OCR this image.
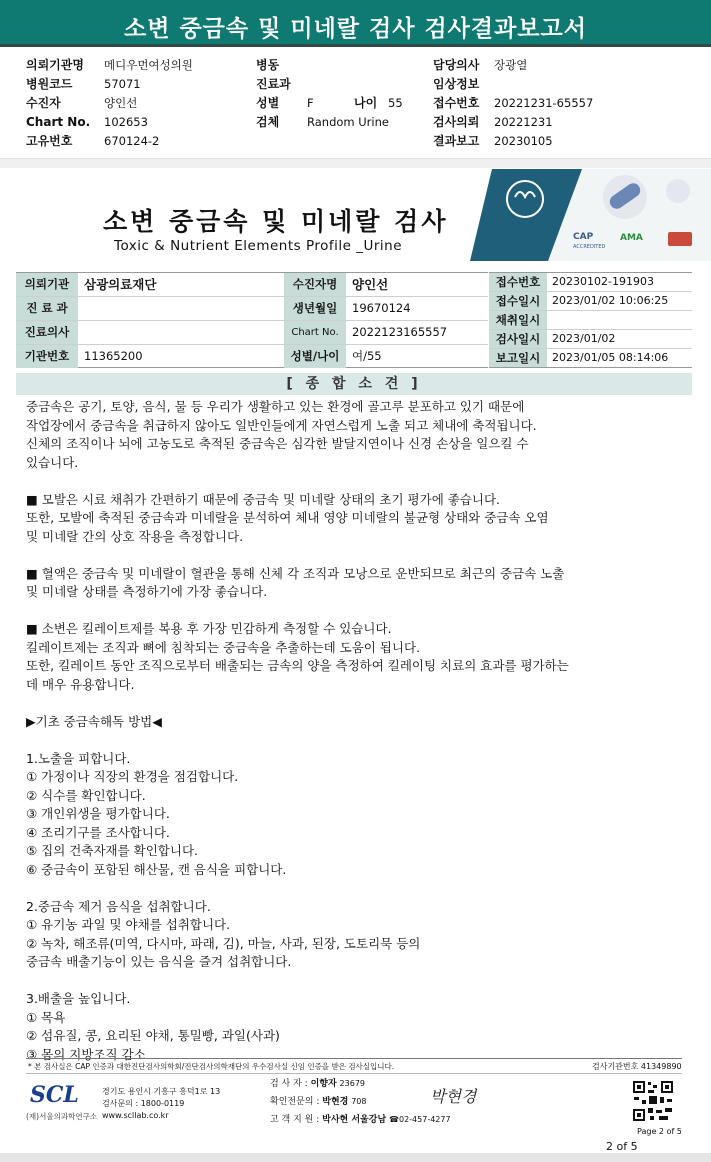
소변 중금속 및 미네랄 검사 검사결과보고서
의뢰기관명 메디우먼여성의원
병원코드	57071
수진자	양인선
Chart No. 102653
고유번호	670124-2
병동
진료과
성별 F	나이 55
검체 Random Urine
담당의사 장광열
임상정보
접수번호 20221231-65557
검사의뢰 20221231
결과보고 20230105
CAP
ACCREDITED
AMA
소변 중금속 및 미네랄 검사
Toxic & Nutrient Elements Profile _Urine
의뢰기관	삼광의료재단	수진자명	양인선
진 료 과	생년월일	19670124
진료의사	Chart No.	2022123165557
기관번호	11365200	성별/나이	여/55
접수번호	20230102-191903
접수일시	2023/01/02 10:06:25
채취일시
검사일시	2023/01/02
보고일시	2023/01/05 08:14:06
[ 종 합 소 견 ]

중금속은 공기, 토양, 음식, 물 등 우리가 생활하고 있는 환경에 골고루 분포하고 있기 때문에

작업장에서 중금속을 취급하지 않아도 일반인들에게 자연스럽게 노출 되고 체내에 축적됩니다.

신체의 조직이나 뇌에 고농도로 축적된 중금속은 심각한 발달지연이나 신경 손상을 일으킬 수

있습니다.

■ 모발은 시료 채취가 간편하기 때문에 중금속 및 미네랄 상태의 초기 평가에 좋습니다.

또한, 모발에 축적된 중금속과 미네랄을 분석하여 체내 영양 미네랄의 불균형 상태와 중금속 오염

및 미네랄 간의 상호 작용을 측정합니다.

■ 혈액은 중금속 및 미네랄이 혈관을 통해 신체 각 조직과 모낭으로 운반되므로 최근의 중금속 노출

및 미네랄 상태를 측정하기에 가장 좋습니다.

■ 소변은 킬레이트제를 복용 후 가장 민감하게 측정할 수 있습니다.

킬레이트제는 조직과 뼈에 침착되는 중금속을 추출하는데 도움이 됩니다.

또한, 킬레이트 동안 조직으로부터 배출되는 금속의 양을 측정하여 킬레이팅 치료의 효과를 평가하는

데 매우 유용합니다.

▶기초 중금속해독 방법◀

1.노출을 피합니다.

① 가정이나 직장의 환경을 점검합니다.

② 식수를 확인합니다.

③ 개인위생을 평가합니다.

④ 조리기구를 조사합니다.

⑤ 집의 건축자재를 확인합니다.

⑥ 중금속이 포함된 해산물, 캔 음식을 피합니다.

2.중금속 제거 음식을 섭취합니다.

① 유기농 과일 및 야채를 섭취합니다.

② 녹차, 해조류(미역, 다시마, 파래, 김), 마늘, 사과, 된장, 도토리묵 등의

중금속 배출기능이 있는 음식을 즐겨 섭취합니다.

3.배출을 높입니다.

① 목욕

② 섬유질, 콩, 요리된 야채, 통밀빵, 과일(사과)

③ 몸의 지방조직 감소

* 본 검사실은 CAP 인증과 대한진단검사의학회/진단검사의학재단의 우수검사실 신임 인증을 받은 검사실입니다.	검사기관번호 41349890
SCL
(재)서울의과학연구소
경기도 용인시 기흥구 흥덕1로 13
검사문의 : 1800-0119
www.scllab.co.kr
검 사 자 : 이향자 23679
확인전문의 : 박현경 708
고 객 지 원 : 박사현 서울강남 ☎02-457-4277
박현경
Page 2 of 5
2 of 5
